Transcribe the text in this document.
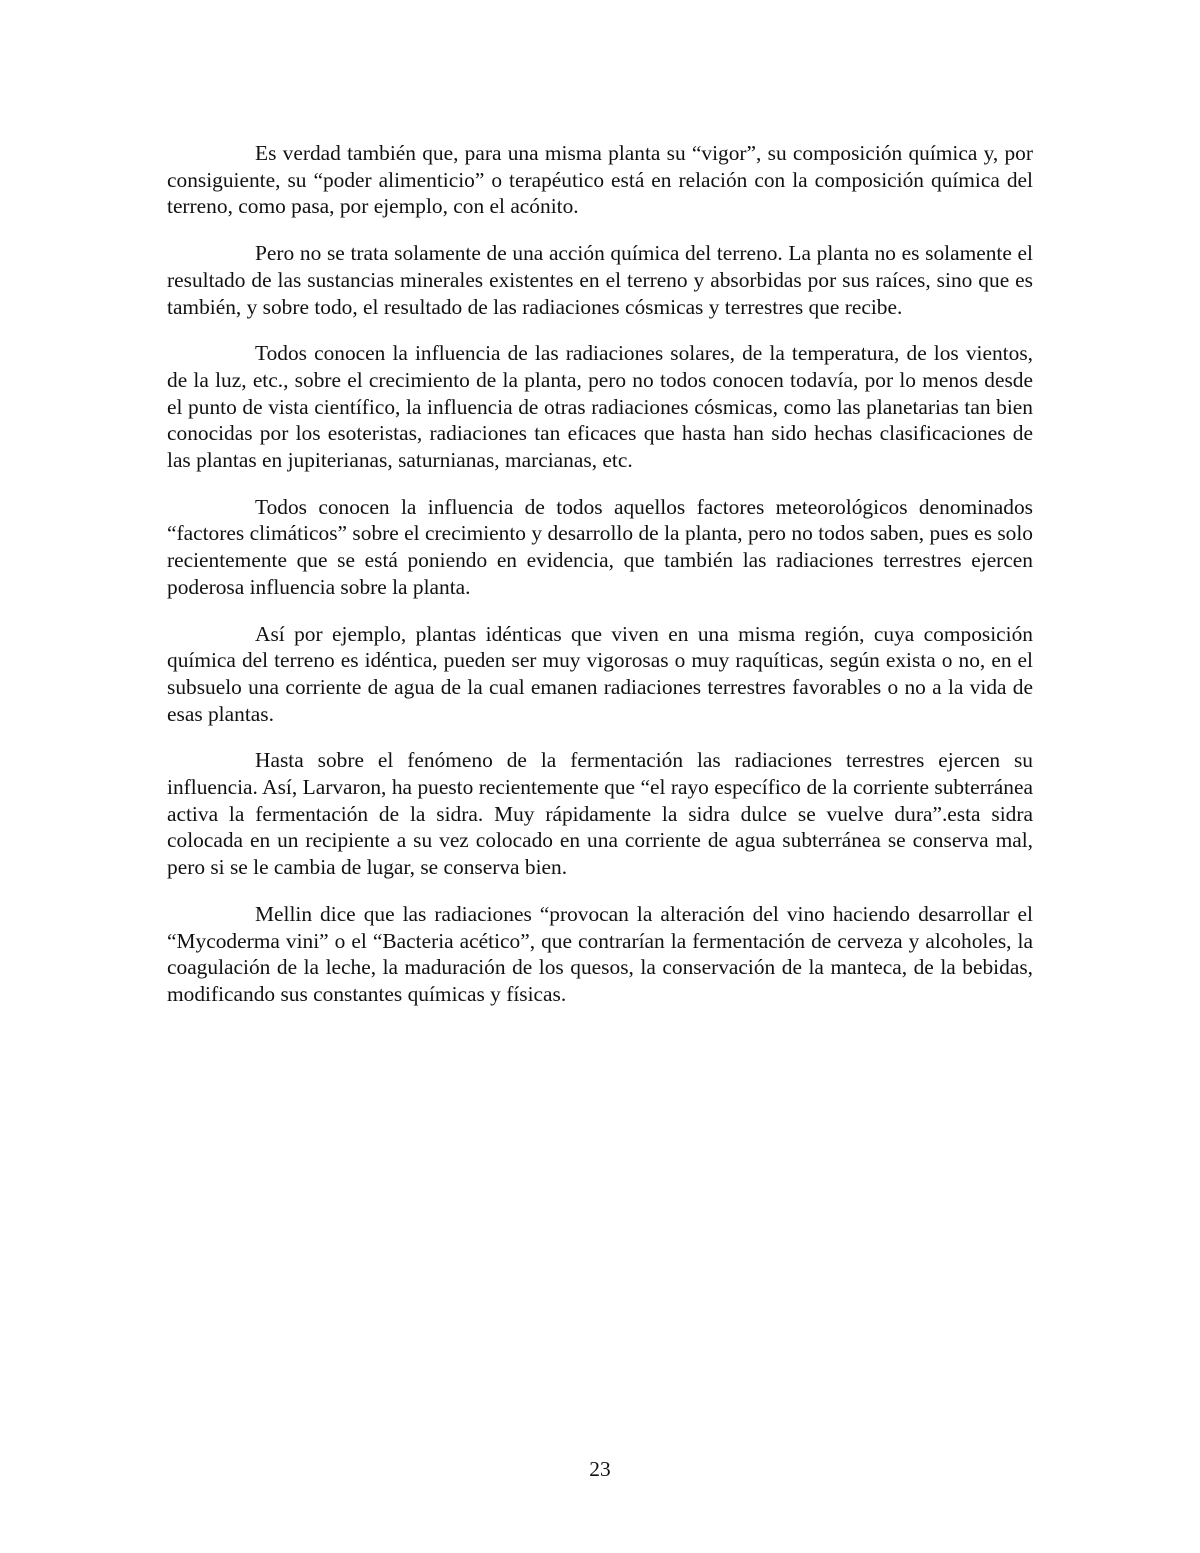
Es verdad también que, para una misma planta su “vigor”, su composición química y, por consiguiente, su “poder alimenticio” o terapéutico está en relación con la composición química del terreno, como pasa, por ejemplo, con el acónito.

Pero no se trata solamente de una acción química del terreno. La planta no es solamente el resultado de las sustancias minerales existentes en el terreno y absorbidas por sus raíces, sino que es también, y sobre todo, el resultado de las radiaciones cósmicas y terrestres que recibe.

Todos conocen la influencia de las radiaciones solares, de la temperatura, de los vientos, de la luz, etc., sobre el crecimiento de la planta, pero no todos conocen todavía, por lo menos desde el punto de vista científico, la influencia de otras radiaciones cósmicas, como las planetarias tan bien conocidas por los esoteristas, radiaciones tan eficaces que hasta han sido hechas clasificaciones de las plantas en jupiterianas, saturnianas, marcianas, etc.

Todos conocen la influencia de todos aquellos factores meteorológicos denominados “factores climáticos” sobre el crecimiento y desarrollo de la planta, pero no todos saben, pues es solo recientemente que se está poniendo en evidencia, que también las radiaciones terrestres ejercen poderosa influencia sobre la planta.

Así por ejemplo, plantas idénticas que viven en una misma región, cuya composición química del terreno es idéntica, pueden ser muy vigorosas o muy raquíticas, según exista o no, en el subsuelo una corriente de agua de la cual emanen radiaciones terrestres favorables o no a la vida de esas plantas.

Hasta sobre el fenómeno de la fermentación las radiaciones terrestres ejercen su influencia. Así, Larvaron, ha puesto recientemente que “el rayo específico de la corriente subterránea activa la fermentación de la sidra. Muy rápidamente la sidra dulce se vuelve dura”.esta sidra colocada en un recipiente a su vez colocado en una corriente de agua subterránea se conserva mal, pero si se le cambia de lugar, se conserva bien.

Mellin dice que las radiaciones “provocan la alteración del vino haciendo desarrollar el “Mycoderma vini” o el “Bacteria acético”, que contrarían la fermentación de cerveza y alcoholes, la coagulación de la leche, la maduración de los quesos, la conservación de la manteca, de la bebidas, modificando sus constantes químicas y físicas.

23
